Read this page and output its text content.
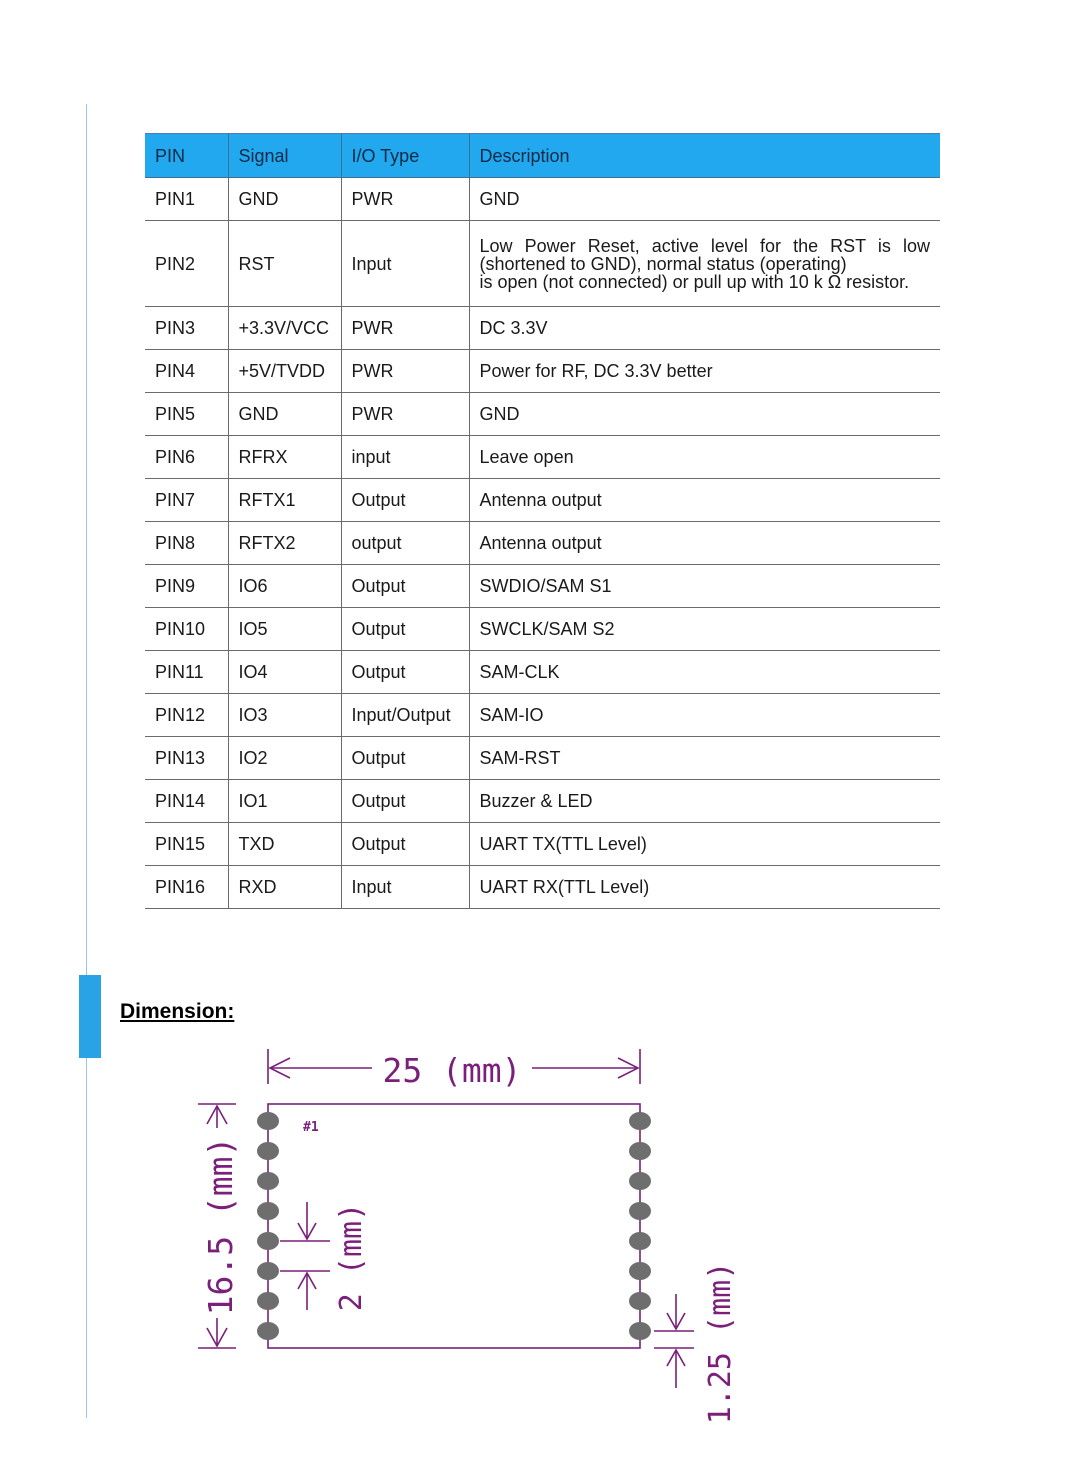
PIN	Signal	I/O Type	Description
PIN1	GND	PWR	GND
PIN2	RST	Input	Low Power Reset, active level for the RST is low
(shortened to GND), normal status (operating)
is open (not connected) or pull up with 10 k Ω resistor.

PIN3	+3.3V/VCC	PWR	DC 3.3V
PIN4	+5V/TVDD	PWR	Power for RF, DC 3.3V better
PIN5	GND	PWR	GND
PIN6	RFRX	input	Leave open
PIN7	RFTX1	Output	Antenna output
PIN8	RFTX2	output	Antenna output
PIN9	IO6	Output	SWDIO/SAM S1
PIN10	IO5	Output	SWCLK/SAM S2
PIN11	IO4	Output	SAM-CLK
PIN12	IO3	Input/Output	SAM-IO
PIN13	IO2	Output	SAM-RST
PIN14	IO1	Output	Buzzer & LED
PIN15	TXD	Output	UART TX(TTL Level)
PIN16	RXD	Input	UART RX(TTL Level)
Dimension:
25 (mm)
16.5 (mm)	2 (mm)
1.25 (mm)
#1
